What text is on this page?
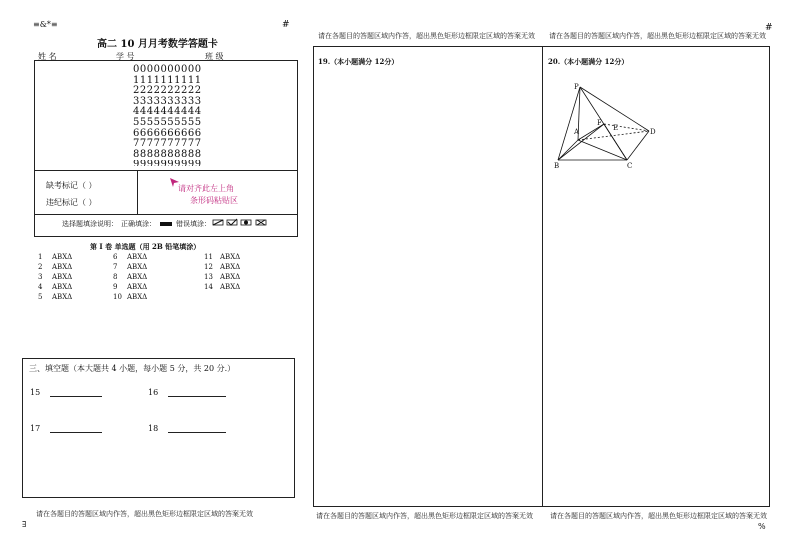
≡&*≡	#	#
∃	%
高二 10 月月考数学答题卡
姓 名	学 号	班 级
0000000000
1111111111
2222222222
3333333333
4444444444
5555555555
6666666666
7777777777
8888888888
9999999999
缺考标记（ ）
违纪标记（ ）
请对齐此左上角
条形码粘贴区
选择题填涂说明： 正确填涂：	错误填涂：
第 I 卷 单选题（用 2B 铅笔填涂）
1 ABXΔ
2 ABXΔ
3 ABXΔ
4 ABXΔ
5 ABXΔ
6 ABXΔ
7 ABXΔ
8 ABXΔ
9 ABXΔ
10 ABXΔ
11 ABXΔ
12 ABXΔ
13 ABXΔ
14 ABXΔ
三、填空题（本大题共 4 小题，每小题 5 分，共 20 分.）
15	16
17	18
请在各题目的答题区域内作答，超出黑色矩形边框限定区域的答案无效
请在各题目的答题区域内作答，超出黑色矩形边框限定区域的答案无效
19.（本小题满分 12分）
请在各题目的答题区域内作答，超出黑色矩形边框限定区域的答案无效
请在各题目的答题区域内作答，超出黑色矩形边框限定区域的答案无效
20.（本小题满分 12分）
请在各题目的答题区域内作答，超出黑色矩形边框限定区域的答案无效
P
A
F
E	D
B	C
